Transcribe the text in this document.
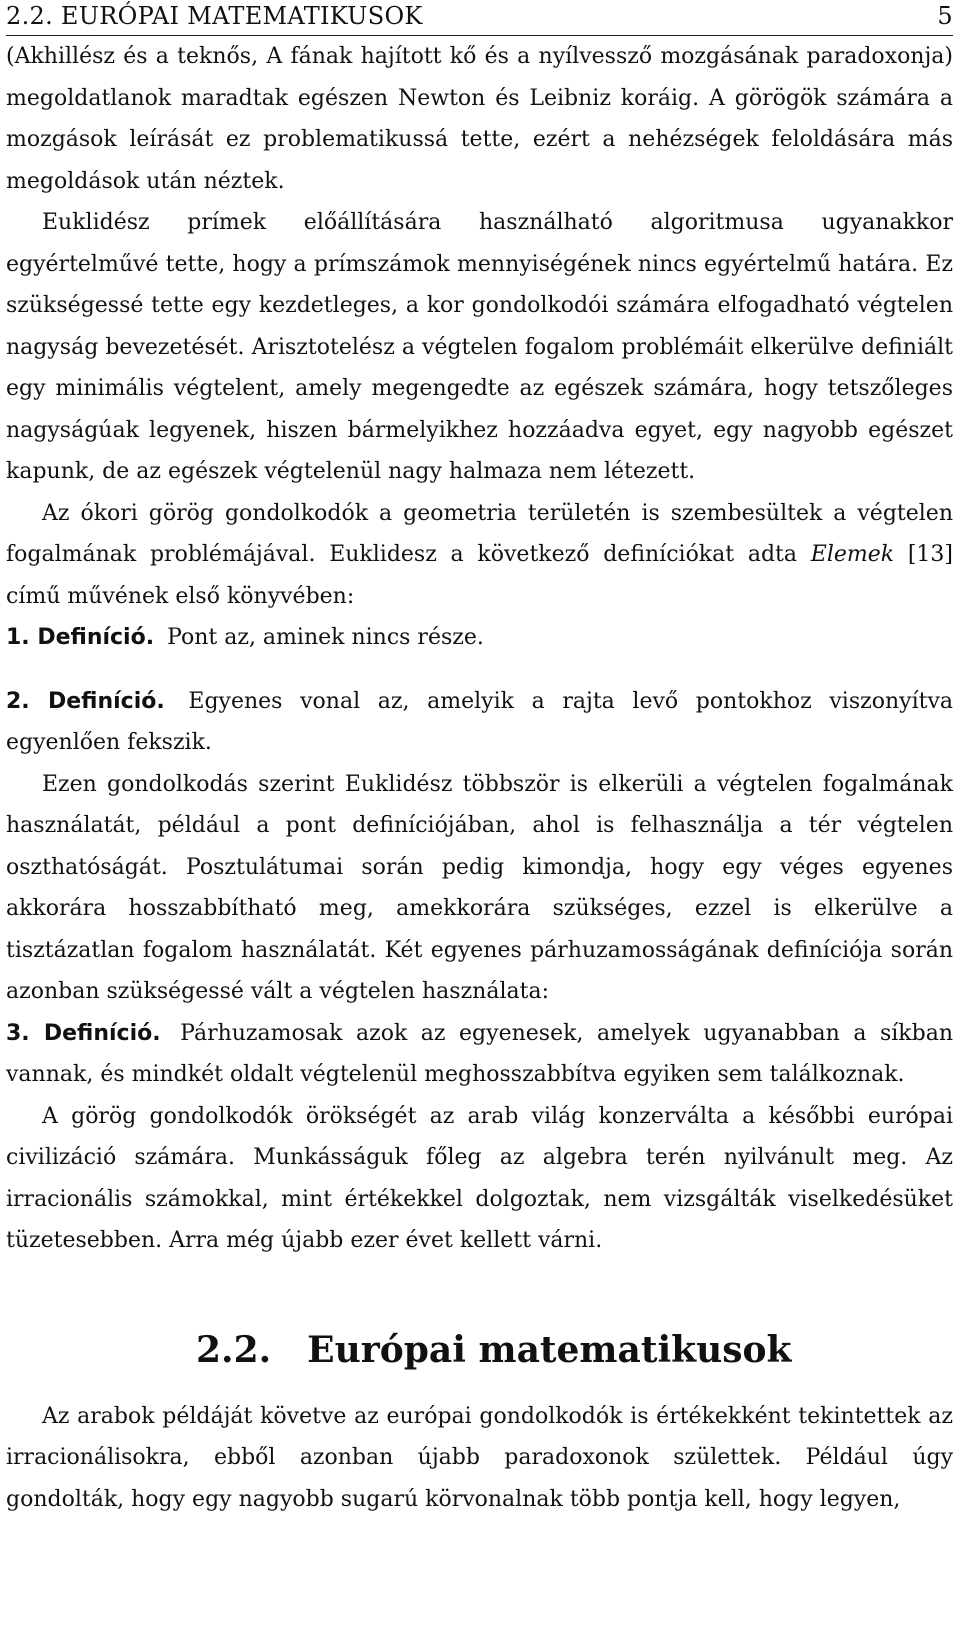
2.2. EURÓPAI MATEMATIKUSOK	5

(Akhillész és a teknős, A fának hajított kő és a nyílvessző mozgásának paradoxonja) megoldatlanok maradtak egészen Newton és Leibniz koráig. A görögök számára a mozgások leírását ez problematikussá tette, ezért a nehézségek feloldására más megoldások után néztek.

Euklidész prímek előállítására használható algoritmusa ugyanakkor egyértelművé tette, hogy a prímszámok mennyiségének nincs egyértelmű határa. Ez szükségessé tette egy kezdetleges, a kor gondolkodói számára elfogadható végtelen nagyság bevezetését. Arisztotelész a végtelen fogalom problémáit elkerülve definiált egy minimális végtelent, amely megengedte az egészek számára, hogy tetszőleges nagyságúak legyenek, hiszen bármelyikhez hozzáadva egyet, egy nagyobb egészet kapunk, de az egészek végtelenül nagy halmaza nem létezett.

Az ókori görög gondolkodók a geometria területén is szembesültek a végtelen fogalmának problémájával. Euklidesz a következő definíciókat adta Elemek [13] című művének első könyvében:

1. Definíció. Pont az, aminek nincs része.

2. Definíció. Egyenes vonal az, amelyik a rajta levő pontokhoz viszonyítva egyenlően fekszik.

Ezen gondolkodás szerint Euklidész többször is elkerüli a végtelen fogalmának használatát, például a pont definíciójában, ahol is felhasználja a tér végtelen oszthatóságát. Posztulátumai során pedig kimondja, hogy egy véges egyenes akkorára hosszabbítható meg, amekkorára szükséges, ezzel is elkerülve a tisztázatlan fogalom használatát. Két egyenes párhuzamosságának definíciója során azonban szükségessé vált a végtelen használata:

3. Definíció. Párhuzamosak azok az egyenesek, amelyek ugyanabban a síkban vannak, és mindkét oldalt végtelenül meghosszabbítva egyiken sem találkoznak.

A görög gondolkodók örökségét az arab világ konzerválta a későbbi európai civilizáció számára. Munkásságuk főleg az algebra terén nyilvánult meg. Az irracionális számokkal, mint értékekkel dolgoztak, nem vizsgálták viselkedésüket tüzetesebben. Arra még újabb ezer évet kellett várni.

2.2. Európai matematikusok

Az arabok példáját követve az európai gondolkodók is értékekként tekintettek az irracionálisokra, ebből azonban újabb paradoxonok születtek. Például úgy gondolták, hogy egy nagyobb sugarú körvonalnak több pontja kell, hogy legyen,
